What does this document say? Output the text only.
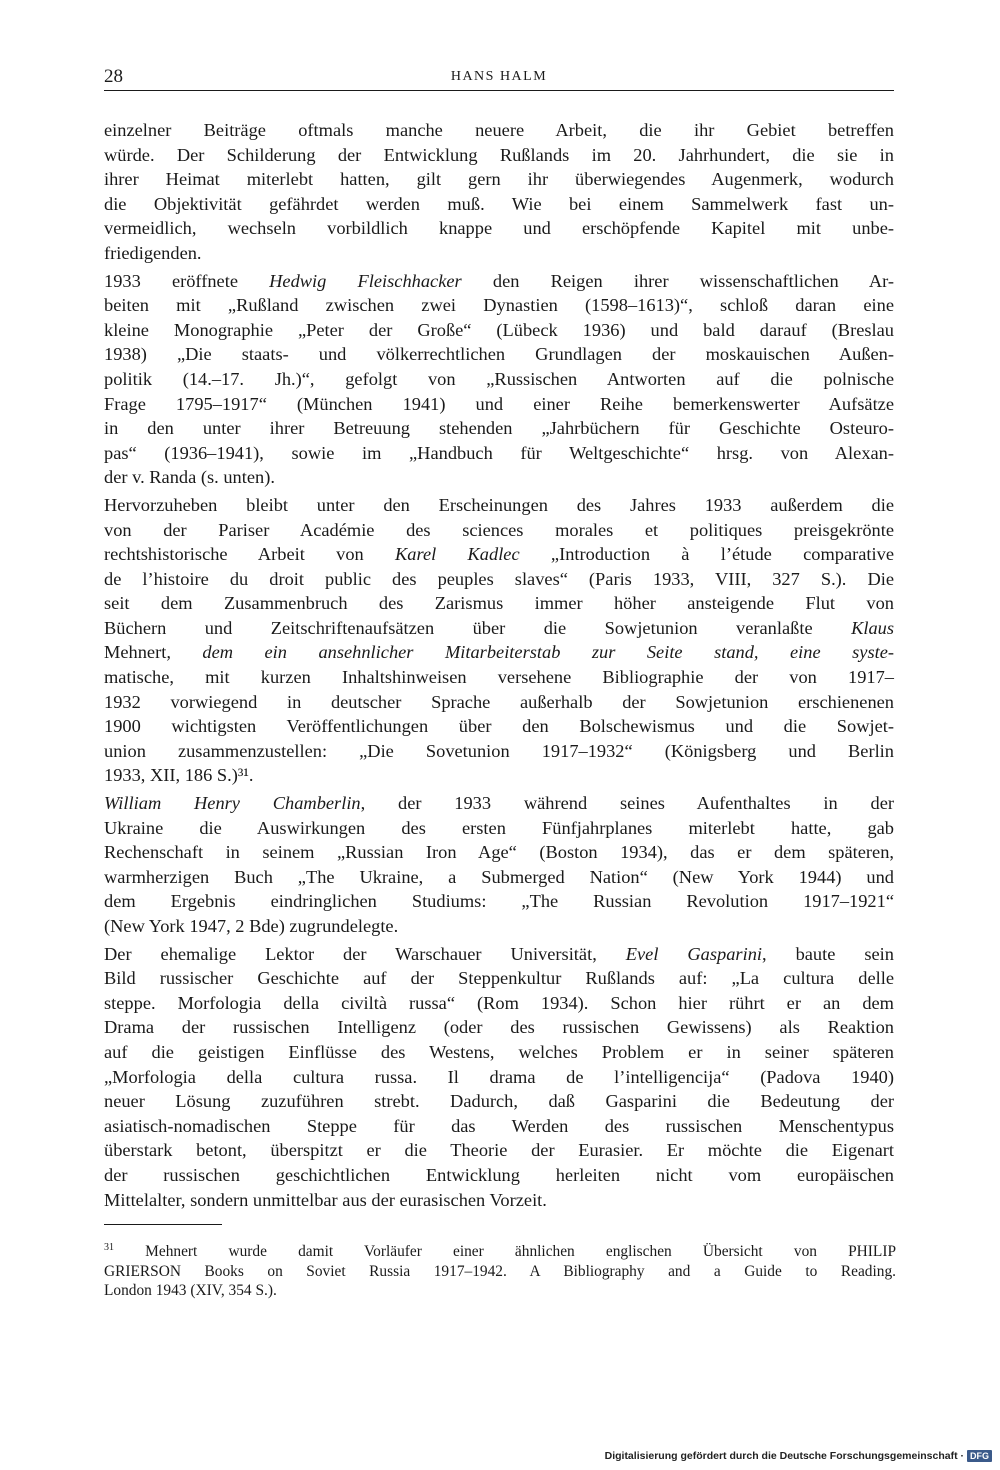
28	HANS HALM

einzelner Beiträge oftmals manche neuere Arbeit, die ihr Gebiet betreffen
würde. Der Schilderung der Entwicklung Rußlands im 20. Jahrhundert, die sie in
ihrer Heimat miterlebt hatten, gilt gern ihr überwiegendes Augenmerk, wodurch
die Objektivität gefährdet werden muß. Wie bei einem Sammelwerk fast un-
vermeidlich, wechseln vorbildlich knappe und erschöpfende Kapitel mit unbe-
friedigenden.

1933 eröffnete Hedwig Fleischhacker den Reigen ihrer wissenschaftlichen Ar-
beiten mit „Rußland zwischen zwei Dynastien (1598–1613)“, schloß daran eine
kleine Monographie „Peter der Große“ (Lübeck 1936) und bald darauf (Breslau
1938) „Die staats- und völkerrechtlichen Grundlagen der moskauischen Außen-
politik (14.–17. Jh.)“, gefolgt von „Russischen Antworten auf die polnische
Frage 1795–1917“ (München 1941) und einer Reihe bemerkenswerter Aufsätze
in den unter ihrer Betreuung stehenden „Jahrbüchern für Geschichte Osteuro-
pas“ (1936–1941), sowie im „Handbuch für Weltgeschichte“ hrsg. von Alexan-
der v. Randa (s. unten).

Hervorzuheben bleibt unter den Erscheinungen des Jahres 1933 außerdem die
von der Pariser Académie des sciences morales et politiques preisgekrönte
rechtshistorische Arbeit von Karel Kadlec „Introduction à l’étude comparative
de l’histoire du droit public des peuples slaves“ (Paris 1933, VIII, 327 S.). Die
seit dem Zusammenbruch des Zarismus immer höher ansteigende Flut von
Büchern und Zeitschriftenaufsätzen über die Sowjetunion veranlaßte Klaus
Mehnert, dem ein ansehnlicher Mitarbeiterstab zur Seite stand, eine syste-
matische, mit kurzen Inhaltshinweisen versehene Bibliographie der von 1917–
1932 vorwiegend in deutscher Sprache außerhalb der Sowjetunion erschienenen
1900 wichtigsten Veröffentlichungen über den Bolschewismus und die Sowjet-
union zusammenzustellen: „Die Sovetunion 1917–1932“ (Königsberg und Berlin
1933, XII, 186 S.)³¹.

William Henry Chamberlin, der 1933 während seines Aufenthaltes in der
Ukraine die Auswirkungen des ersten Fünfjahrplanes miterlebt hatte, gab
Rechenschaft in seinem „Russian Iron Age“ (Boston 1934), das er dem späteren,
warmherzigen Buch „The Ukraine, a Submerged Nation“ (New York 1944) und
dem Ergebnis eindringlichen Studiums: „The Russian Revolution 1917–1921“
(New York 1947, 2 Bde) zugrundelegte.

Der ehemalige Lektor der Warschauer Universität, Evel Gasparini, baute sein
Bild russischer Geschichte auf der Steppenkultur Rußlands auf: „La cultura delle
steppe. Morfologia della civiltà russa“ (Rom 1934). Schon hier rührt er an dem
Drama der russischen Intelligenz (oder des russischen Gewissens) als Reaktion
auf die geistigen Einflüsse des Westens, welches Problem er in seiner späteren
„Morfologia della cultura russa. Il drama de l’intelligencija“ (Padova 1940)
neuer Lösung zuzuführen strebt. Dadurch, daß Gasparini die Bedeutung der
asiatisch-nomadischen Steppe für das Werden des russischen Menschentypus
überstark betont, überspitzt er die Theorie der Eurasier. Er möchte die Eigenart
der russischen geschichtlichen Entwicklung herleiten nicht vom europäischen
Mittelalter, sondern unmittelbar aus der eurasischen Vorzeit.

$^{31}$ Mehnert wurde damit Vorläufer einer ähnlichen englischen Übersicht von PHILIP
GRIERSON Books on Soviet Russia 1917–1942. A Bibliography and a Guide to Reading.
London 1943 (XIV, 354 S.).
Digitalisierung gefördert durch die Deutsche Forschungsgemeinschaft · DFG
